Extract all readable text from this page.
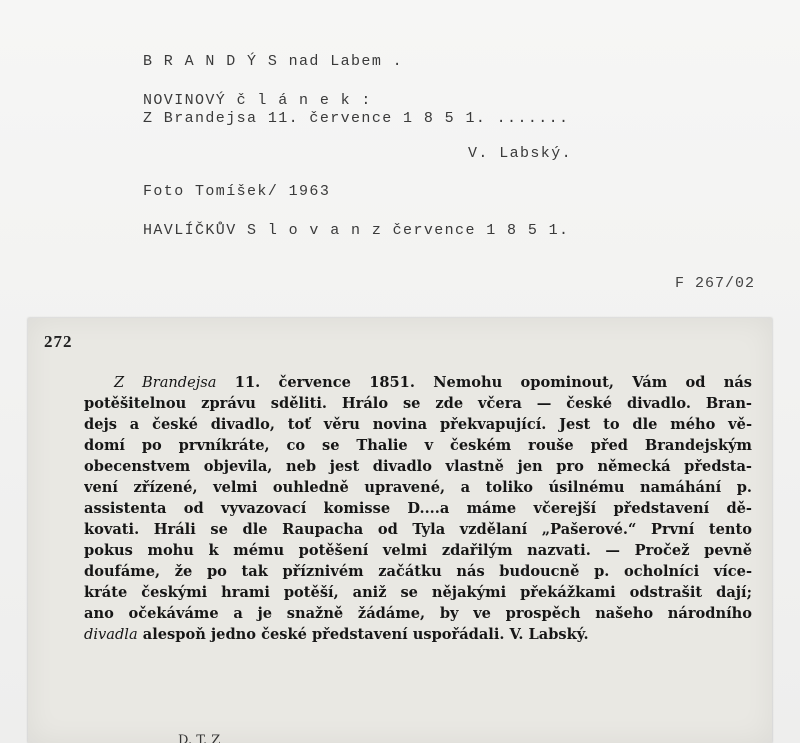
B R A N D Ý S nad Labem .
NOVINOVÝ č l á n e k :
Z Brandejsa 11. července 1 8 5 1. .......
V. Labský.
Foto Tomíšek/ 1963
HAVLÍČKŮV S l o v a n z července 1 8 5 1.
F 267/02
272
Z Brandejsa 11. července 1851. Nemohu opominout, Vám od nás
potěšitelnou zprávu sděliti. Hrálo se zde včera — české divadlo. Bran-
dejs a české divadlo, toť věru novina překvapující. Jest to dle mého vě-
domí po prvníkráte, co se Thalie v českém rouše před Brandejským
obecenstvem objevila, neb jest divadlo vlastně jen pro německá předsta-
vení zřízené, velmi ouhledně upravené, a toliko úsilnému namáhání p.
assistenta od vyvazovací komisse D....a máme včerejší představení dě-
kovati. Hráli se dle Raupacha od Tyla vzdělaní „Pašerové.“ První tento
pokus mohu k mému potěšení velmi zdařilým nazvati. — Pročež pevně
doufáme, že po tak příznivém začátku nás budoucně p. ocholníci více-
kráte českými hrami potěší, aniž se nějakými překážkami odstrašit dají;
ano očekáváme a je snažně žádáme, by ve prospěch našeho národního
divadla alespoň jedno české představení uspořádali. V. Labský.
D. T. Z
